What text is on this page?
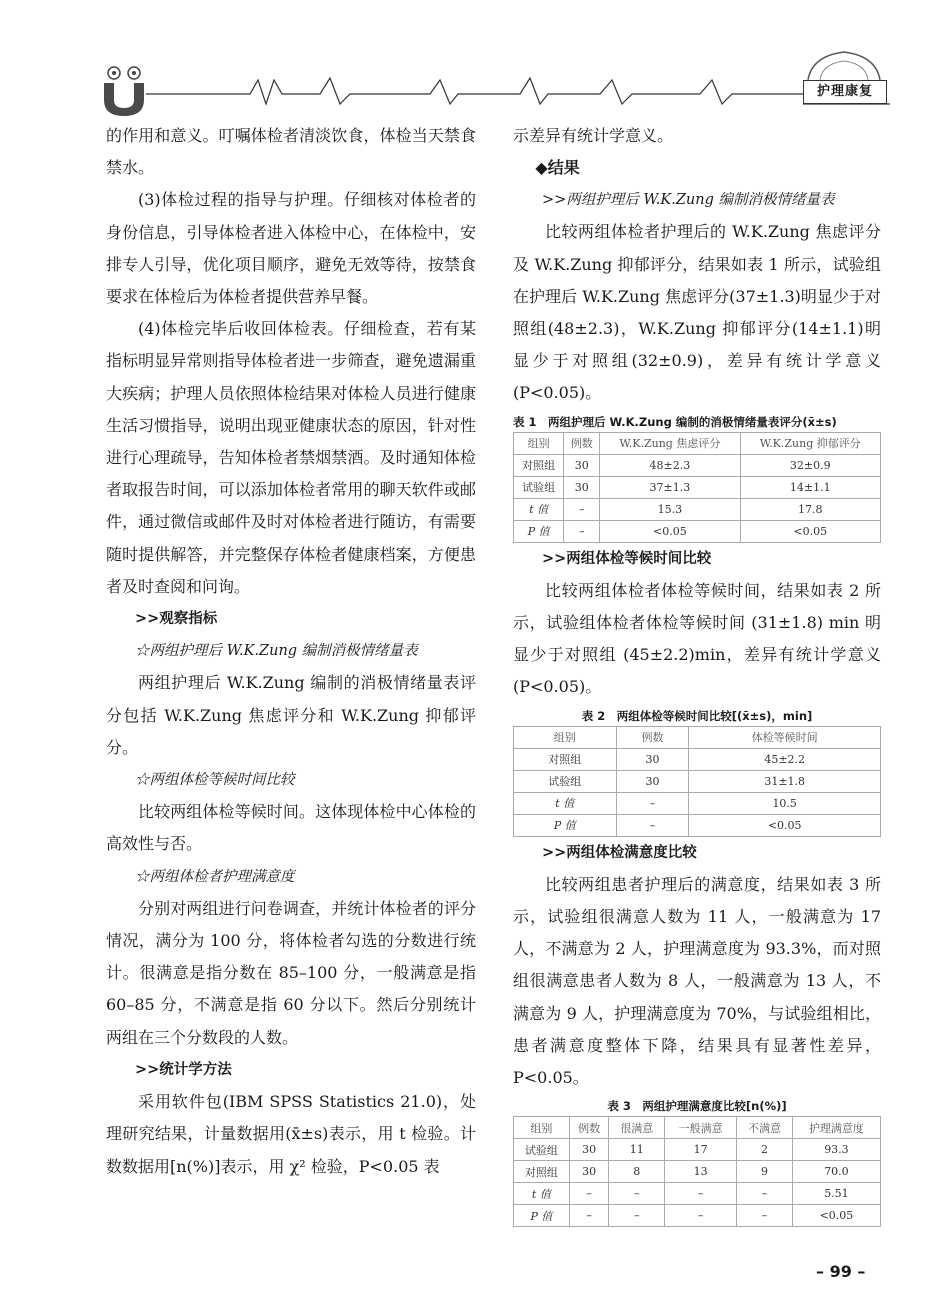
护理康复

的作用和意义。叮嘱体检者清淡饮食，体检当天禁食禁水。

(3)体检过程的指导与护理。仔细核对体检者的身份信息，引导体检者进入体检中心，在体检中，安排专人引导，优化项目顺序，避免无效等待，按禁食要求在体检后为体检者提供营养早餐。

(4)体检完毕后收回体检表。仔细检查，若有某指标明显异常则指导体检者进一步筛查，避免遗漏重大疾病；护理人员依照体检结果对体检人员进行健康生活习惯指导，说明出现亚健康状态的原因，针对性进行心理疏导，告知体检者禁烟禁酒。及时通知体检者取报告时间，可以添加体检者常用的聊天软件或邮件，通过微信或邮件及时对体检者进行随访，有需要随时提供解答，并完整保存体检者健康档案，方便患者及时查阅和问询。

>>观察指标

☆两组护理后 W.K.Zung 编制消极情绪量表

两组护理后 W.K.Zung 编制的消极情绪量表评分包括 W.K.Zung 焦虑评分和 W.K.Zung 抑郁评分。

☆两组体检等候时间比较

比较两组体检等候时间。这体现体检中心体检的高效性与否。

☆两组体检者护理满意度

分别对两组进行问卷调查，并统计体检者的评分情况，满分为 100 分，将体检者勾选的分数进行统计。很满意是指分数在 85–100 分，一般满意是指 60–85 分，不满意是指 60 分以下。然后分别统计两组在三个分数段的人数。

>>统计学方法

采用软件包(IBM SPSS Statistics 21.0)，处理研究结果，计量数据用(x̄±s)表示，用 t 检验。计数数据用[n(%)]表示，用 χ² 检验，P<0.05 表

示差异有统计学意义。

◆结果

>>两组护理后 W.K.Zung 编制消极情绪量表

比较两组体检者护理后的 W.K.Zung 焦虑评分及 W.K.Zung 抑郁评分，结果如表 1 所示，试验组在护理后 W.K.Zung 焦虑评分(37±1.3)明显少于对照组(48±2.3)，W.K.Zung 抑郁评分(14±1.1)明显少于对照组(32±0.9)，差异有统计学意义(P<0.05)。

表 1　两组护理后 W.K.Zung 编制的消极情绪量表评分(x̄±s)
组别	例数	W.K.Zung 焦虑评分	W.K.Zung 抑郁评分
对照组	30	48±2.3	32±0.9
试验组	30	37±1.3	14±1.1
t 值	–	15.3	17.8
P 值	–	<0.05	<0.05

>>两组体检等候时间比较

比较两组体检者体检等候时间，结果如表 2 所示，试验组体检者体检等候时间 (31±1.8) min 明显少于对照组 (45±2.2)min，差异有统计学意义(P<0.05)。

表 2　两组体检等候时间比较[(x̄±s)，min]
组别	例数	体检等候时间
对照组	30	45±2.2
试验组	30	31±1.8
t 值	–	10.5
P 值	–	<0.05

>>两组体检满意度比较

比较两组患者护理后的满意度，结果如表 3 所示，试验组很满意人数为 11 人，一般满意为 17 人，不满意为 2 人，护理满意度为 93.3%，而对照组很满意患者人数为 8 人，一般满意为 13 人，不满意为 9 人，护理满意度为 70%，与试验组相比，患者满意度整体下降，结果具有显著性差异，P<0.05。

表 3　两组护理满意度比较[n(%)]
组别	例数	很满意	一般满意	不满意	护理满意度
试验组	30	11	17	2	93.3
对照组	30	8	13	9	70.0
t 值	–	–	–	–	5.51
P 值	–	–	–	–	<0.05
– 99 –
